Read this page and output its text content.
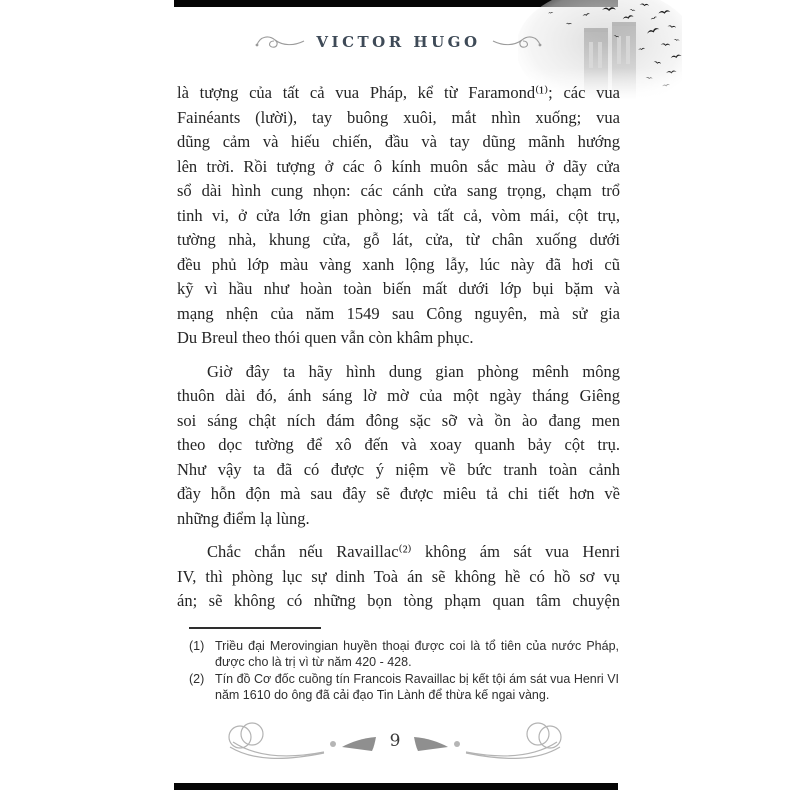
VICTOR HUGO
là tượng của tất cả vua Pháp, kể từ Faramond⁽¹⁾; các vua
Fainéants (lười), tay buông xuôi, mắt nhìn xuống; vua
dũng cảm và hiếu chiến, đầu và tay dũng mãnh hướng
lên trời. Rồi tượng ở các ô kính muôn sắc màu ở dãy cửa
sổ dài hình cung nhọn: các cánh cửa sang trọng, chạm trổ
tinh vi, ở cửa lớn gian phòng; và tất cả, vòm mái, cột trụ,
tường nhà, khung cửa, gỗ lát, cửa, từ chân xuống dưới
đều phủ lớp màu vàng xanh lộng lẫy, lúc này đã hơi cũ
kỹ vì hầu như hoàn toàn biến mất dưới lớp bụi bặm và
mạng nhện của năm 1549 sau Công nguyên, mà sử gia
Du Breul theo thói quen vẫn còn khâm phục.
Giờ đây ta hãy hình dung gian phòng mênh mông
thuôn dài đó, ánh sáng lờ mờ của một ngày tháng Giêng
soi sáng chật ních đám đông sặc sỡ và ồn ào đang men
theo dọc tường để xô đến và xoay quanh bảy cột trụ.
Như vậy ta đã có được ý niệm về bức tranh toàn cảnh
đầy hỗn độn mà sau đây sẽ được miêu tả chi tiết hơn về
những điểm lạ lùng.
Chắc chắn nếu Ravaillac⁽²⁾ không ám sát vua Henri
IV, thì phòng lục sự dinh Toà án sẽ không hề có hồ sơ vụ
án; sẽ không có những bọn tòng phạm quan tâm chuyện
(1) Triều đại Merovingian huyền thoại được coi là tổ tiên của nước Pháp, được cho là trị vì từ năm 420 - 428.
(2) Tín đồ Cơ đốc cuồng tín Francois Ravaillac bị kết tội ám sát vua Henri VI năm 1610 do ông đã cải đạo Tin Lành để thừa kế ngai vàng.
9
